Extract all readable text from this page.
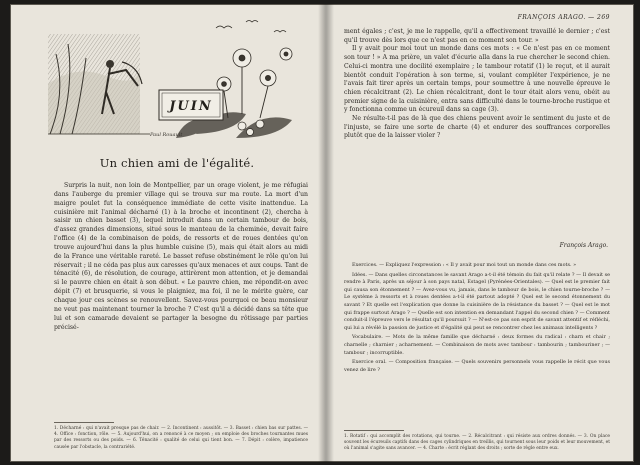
JUIN
Paul Rouault
Un chien ami de l'égalité.
Surpris la nuit, non loin de Montpellier, par un orage violent, je me réfugiai dans l'auberge du premier village qui se trouva sur ma route. La mort d'un maigre poulet fut la conséquence immédiate de cette visite inattendue. La cuisinière mit l'animal décharné (1) à la broche et incontinent (2), chercha à saisir un chien basset (3), lequel introduit dans un certain tambour de bois, d'assez grandes dimensions, situé sous le manteau de la cheminée, devait faire l'office (4) de la combinaison de poids, de ressorts et de roues dentées qu'on trouve aujourd'hui dans la plus humble cuisine (5), mais qui était alors au midi de la France une véritable rareté. Le basset refuse obstinément le rôle qu'on lui réservait ; il ne céda pas plus aux caresses qu'aux menaces et aux coups. Tant de ténacité (6), de résolution, de courage, attirèrent mon attention, et je demandai si le pauvre chien en était à son début. « Le pauvre chien, me répondit-on avec dépit (7) et brusquerie, si vous le plaigniez, ma foi, il ne le mérite guère, car chaque jour ces scènes se renouvellent. Savez-vous pourquoi ce beau monsieur ne veut pas maintenant tourner la broche ? C'est qu'il a décidé dans sa tête que lui et son camarade devaient se partager la besogne du rôtissage par parties précisé-
1. Décharné : qui n'avait presque pas de chair. — 2. Incontinent : aussitôt. — 3. Basset : chien bas sur pattes. — 4. Office : fonction, rôle. — 5. Aujourd'hui, on a renoncé à ce moyen ; on emploie des broches tournantes mues par des ressorts ou des poids. — 6. Ténacité : qualité de celui qui tient bon. — 7. Dépit : colère, impatience causée par l'obstacle, la contrariété.
FRANÇOIS ARAGO. — 269

ment égales ; c'est, je me le rappelle, qu'il a effectivement travaillé le dernier ; c'est qu'il trouve dès lors que ce n'est pas en ce moment son tour. »

Il y avait pour moi tout un monde dans ces mots : « Ce n'est pas en ce moment son tour ! » A ma prière, un valet d'écurie alla dans la rue chercher le second chien. Celui-ci montra une docilité exemplaire ; le tambour rotatif (1) le reçut, et il aurait bientôt conduit l'opération à son terme, si, voulant compléter l'expérience, je ne l'avais fait tirer après un certain temps, pour soumettre à une nouvelle épreuve le chien récalcitrant (2). Le chien récalcitrant, dont le tour était alors venu, obéit au premier signe de la cuisinière, entra sans difficulté dans le tourne-broche rustique et y fonctionna comme un écureuil dans sa cage (3).

Ne résulte-t-il pas de là que des chiens peuvent avoir le sentiment du juste et de l'injuste, se faire une sorte de charte (4) et endurer des souffrances corporelles plutôt que de la laisser violer ?

François Arago.

Exercices. — Expliquez l'expression : « Il y avait pour moi tout un monde dans ces mots. »

Idées. — Dans quelles circonstances le savant Arago a-t-il été témoin du fait qu'il relate ? — Il devait se rendre à Paris, après un séjour à son pays natal, Estagel (Pyrénées-Orientales). — Quel est le premier fait qui causa son étonnement ? — Avez-vous vu, jamais, dans le tambour de bois, le chien tourne-broche ? — Le système à ressorts et à roues dentées a-t-il été partout adopté ? Quel est le second étonnement du savant ? Et quelle est l'explication que donne la cuisinière de la résistance du basset ? — Quel est le mot qui frappe surtout Arago ? — Quelle est son intention en demandant l'appel du second chien ? — Comment conduit-il l'épreuve vers le résultat qu'il poursuit ? — N'est-ce pas son esprit de savant attentif et réfléchi, qui lui a révélé la passion de justice et d'égalité qui peut se rencontrer chez les animaux intelligents ?

Vocabulaire. — Mots de la même famille que décharné : deux formes du radical : charn et chair ; charnelle ; charnier ; acharnement. — Combinaison de mots avec tambour : tambourin ; tambouriner ; — tambour ; incorruptible.

Exercice oral. — Composition française. — Quels souvenirs personnels vous rappelle le récit que vous venez de lire ?

1. Rotatif : qui accomplit des rotations, qui tourne. — 2. Récalcitrant : qui résiste aux ordres donnés. — 3. On place souvent les écureuils captifs dans des cages cylindriques en treillis, qui tournent sous leur poids et leur mouvement, et où l'animal s'agite sans avancer. — 4. Charte : écrit réglant des droits ; sorte de règle entre eux.
